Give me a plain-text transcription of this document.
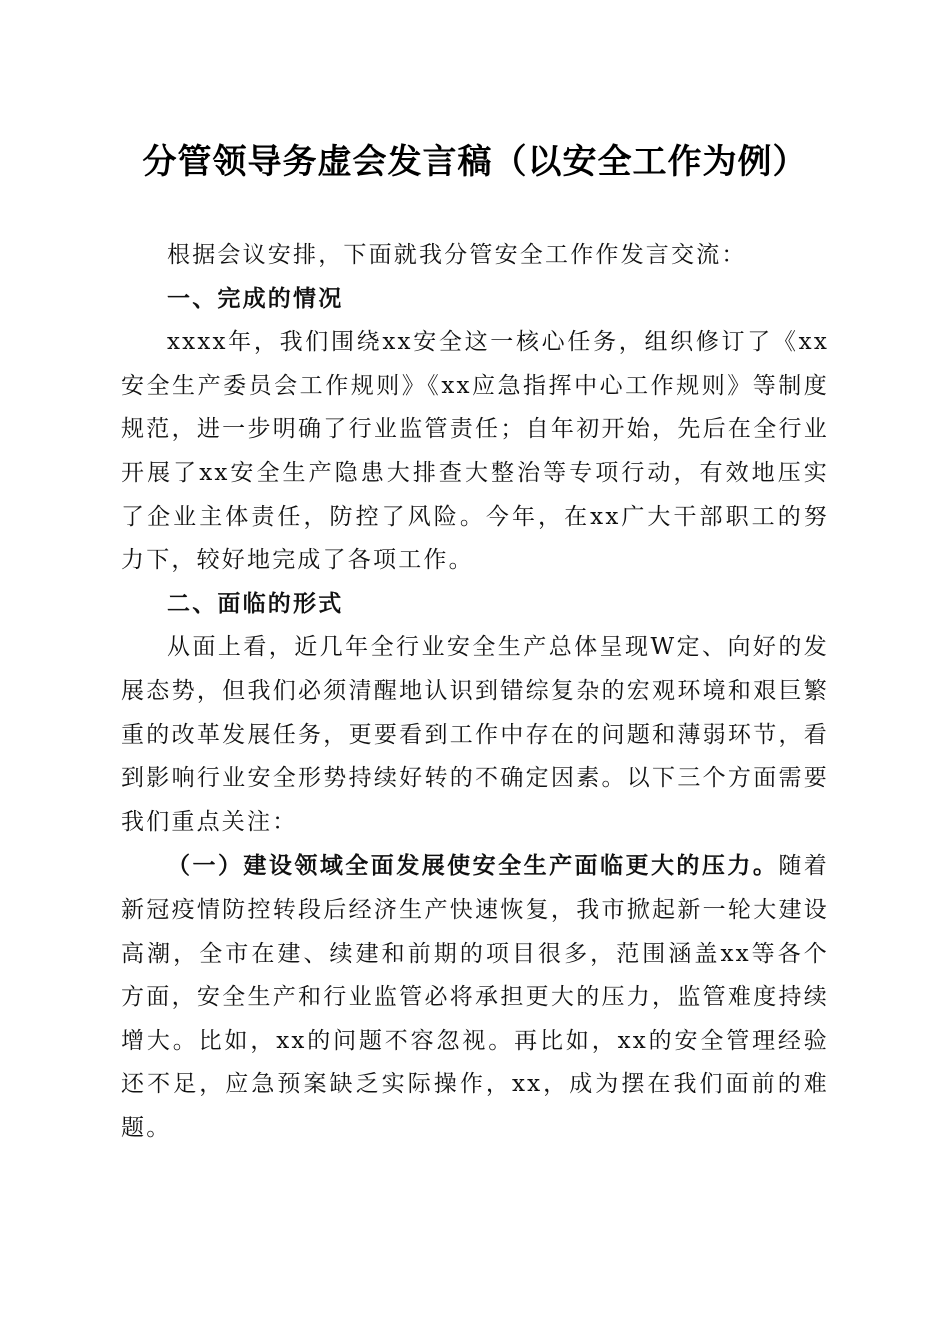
分管领导务虚会发言稿（以安全工作为例）

根据会议安排，下面就我分管安全工作作发言交流：

一、完成的情况

xxxx年，我们围绕xx安全这一核心任务，组织修订了《xx安全生产委员会工作规则》《xx应急指挥中心工作规则》等制度规范，进一步明确了行业监管责任；自年初开始，先后在全行业开展了xx安全生产隐患大排查大整治等专项行动，有效地压实了企业主体责任，防控了风险。今年，在xx广大干部职工的努力下，较好地完成了各项工作。

二、面临的形式

从面上看，近几年全行业安全生产总体呈现W定、向好的发展态势，但我们必须清醒地认识到错综复杂的宏观环境和艰巨繁重的改革发展任务，更要看到工作中存在的问题和薄弱环节，看到影响行业安全形势持续好转的不确定因素。以下三个方面需要我们重点关注：

（一）建设领域全面发展使安全生产面临更大的压力。随着新冠疫情防控转段后经济生产快速恢复，我市掀起新一轮大建设高潮，全市在建、续建和前期的项目很多，范围涵盖xx等各个方面，安全生产和行业监管必将承担更大的压力，监管难度持续增大。比如，xx的问题不容忽视。再比如，xx的安全管理经验还不足，应急预案缺乏实际操作，xx，成为摆在我们面前的难题。
